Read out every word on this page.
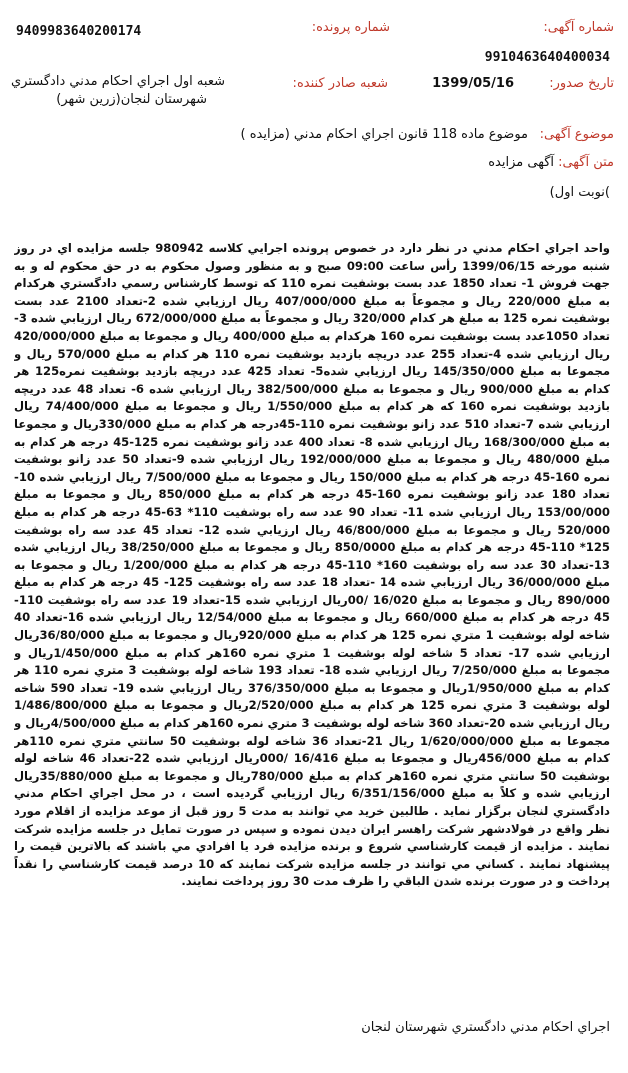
:شماره آگهی
:شماره پرونده
9409983640200174
9910463640400034
:تاریخ صدور
1399/05/16
:شعبه صادر کننده
شعبه اول اجراي احكام مدني دادگستري
شهرستان لنجان(زرين شهر)
:موضوع آگهی
موضوع ماده 118 قانون اجراي احكام مدني (مزايده )
:متن آگهی
آگهی مزایده
)نوبت اول)
واحد اجراي احكام مدني در نظر دارد در خصوص پرونده اجرايي كلاسه 980942 جلسه مزايده اي در روز شنبه مورخه 1399/06/15 رأس ساعت 09:00 صبح و به منظور وصول محكوم به در حق محكوم له و به جهت فروش 1- تعداد 1850 عدد بست بوشفيت نمره 110 كه توسط كارشناس رسمي دادگستري هركدام به مبلغ 220/000 ريال و مجموعاً به مبلغ 407/000/000 ريال ارزيابي شده 2-تعداد 2100 عدد بست بوشفيت نمره 125 به مبلغ هر كدام 320/000 ريال و مجموعاً به مبلغ 672/000/000 ريال ارزيابي شده 3- تعداد 1050عدد بست بوشفيت نمره 160 هركدام به مبلغ 400/000 ريال و مجموعا به مبلغ 420/000/000 ريال ارزيابي شده 4-تعداد 255 عدد دريچه بازديد بوشفيت نمره 110 هر كدام به مبلغ 570/000 ريال و مجموعا به مبلغ 145/350/000 ريال ارزيابي شده5- تعداد 425 عدد دريچه بازديد بوشفيت نمره125 هر كدام به مبلغ 900/000 ريال و مجموعا به مبلغ 382/500/000 ريال ارزيابي شده 6- تعداد 48 عدد دريچه بازديد بوشفيت نمره 160 كه هر كدام به مبلغ 1/550/000 ريال و مجموعا به مبلغ 74/400/000 ريال ارزيابي شده 7-تعداد 510 عدد زانو بوشفيت نمره 110-45درجه هر كدام به مبلغ 330/000ريال و مجموعا به مبلغ 168/300/000 ريال ارزيابي شده 8- تعداد 400 عدد زانو بوشفيت نمره 125-45 درجه هر كدام به مبلغ 480/000 ريال و مجموعا به مبلغ 192/000/000 ريال ارزيابي شده 9-تعداد 50 عدد زانو بوشفيت نمره 160-45 درجه هر كدام به مبلغ 150/000 ريال و مجموعا به مبلغ 7/500/000 ريال ارزيابي شده 10- تعداد 180 عدد زانو بوشفيت نمره 160-45 درجه هر كدام به مبلغ 850/000 ريال و مجموعا به مبلغ 153/00/000 ريال ارزيابي شده 11- تعداد 90 عدد سه راه بوشفيت 110* 63-45 درجه هر كدام به مبلغ 520/000 ريال و مجموعا به مبلغ 46/800/000 ريال ارزيابي شده 12- تعداد 45 عدد سه راه بوشفيت 125* 110-45 درجه هر كدام به مبلغ 850/0000 ريال و مجموعا به مبلغ 38/250/000 ريال ارزيابي شده 13-تعداد 30 عدد سه راه بوشفيت 160* 110-45 درجه هر كدام به مبلغ 1/200/000 ريال و مجموعا به مبلغ 36/000/000 ريال ارزيابي شده 14 -تعداد 18 عدد سه راه بوشفيت 125- 45 درجه هر كدام به مبلغ 890/000 ريال و مجموعا به مبلغ 16/020 /00ريال ارزيابي شده 15-تعداد 19 عدد سه راه بوشفيت 110-45 درجه هر كدام به مبلغ 660/000 ريال و مجموعا به مبلغ 12/54/000 ريال ارزيابي شده 16-تعداد 40 شاخه لوله بوشفيت 1 متري نمره 125 هر كدام به مبلغ 920/000ريال و مجموعا به مبلغ 36/80/000ريال ارزيابي شده 17- تعداد 5 شاخه لوله بوشفيت 1 متري نمره 160هر كدام به مبلغ 1/450/000ريال و مجموعا به مبلغ 7/250/000 ريال ارزيابي شده 18- تعداد 193 شاخه لوله بوشفيت 3 متري نمره 110 هر كدام به مبلغ 1/950/000ريال و مجموعا به مبلغ 376/350/000 ريال ارزيابي شده 19- تعداد 590 شاخه لوله بوشفيت 3 متري نمره 125 هر كدام به مبلغ 2/520/000ريال و مجموعا به مبلغ 1/486/800/000 ريال ارزيابي شده 20-تعداد 360 شاخه لوله بوشفيت 3 متري نمره 160هر كدام به مبلغ 4/500/000ريال و مجموعا به مبلغ 1/620/000/000 ريال 21-تعداد 36 شاخه لوله بوشفيت 50 سانتي متري نمره 110هر كدام به مبلغ 456/000ريال و مجموعا به مبلغ 16/416 /000ريال ارزيابي شده 22-تعداد 46 شاخه لوله بوشفيت 50 سانتي متري نمره 160هر كدام به مبلغ 780/000ريال و مجموعا به مبلغ 35/880/000ريال ارزيابي شده و كلاً به مبلغ 6/351/156/000 ريال ارزيابي گرديده است ، در محل اجراي احكام مدني دادگستري لنجان برگزار نمايد . طالبين خريد مي توانند به مدت 5 روز قبل از موعد مزايده از اقلام مورد نظر واقع در فولادشهر شركت راهسر ايران ديدن نموده و سپس در صورت تمايل در جلسه مزايده شركت نمايند . مزايده از قيمت كارشناسي شروع و برنده مزايده فرد يا افرادي مي باشند كه بالاترين قيمت را پيشنهاد نمايند . كساني مي توانند در جلسه مزايده شركت نمايند كه 10 درصد قيمت كارشناسي را نقداً پرداخت و در صورت برنده شدن الباقي را ظرف مدت 30 روز پرداخت نمايند.
اجراي احكام مدني دادگستري شهرستان لنجان
